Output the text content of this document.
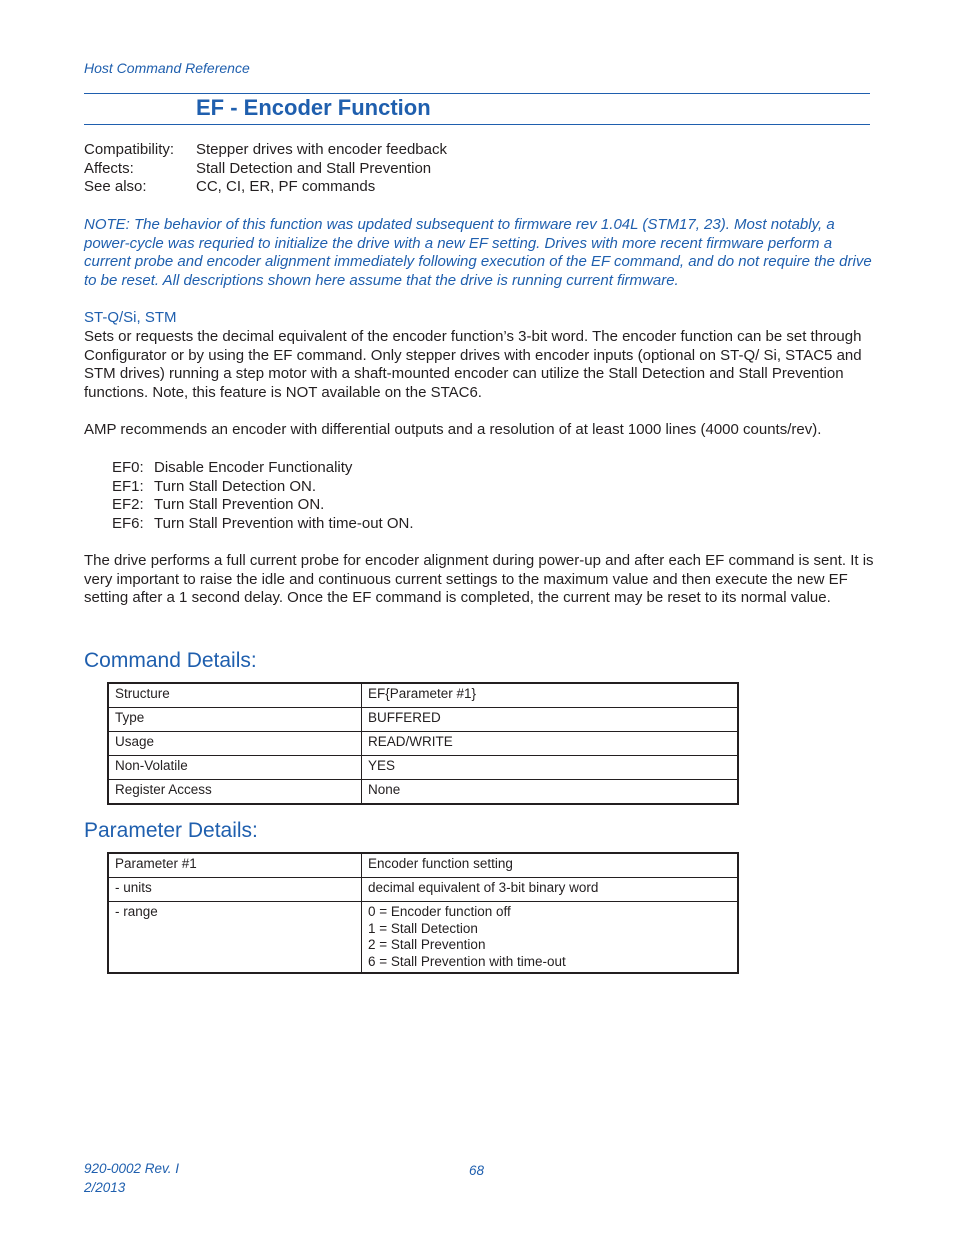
Host Command Reference
EF - Encoder Function
Compatibility:	Stepper drives with encoder feedback
Affects:	Stall Detection and Stall Prevention
See also:	CC, CI, ER, PF commands
NOTE: The behavior of this function was updated subsequent to firmware rev 1.04L (STM17, 23). Most notably, a power-cycle was requried to initialize the drive with a new EF setting. Drives with more recent firmware perform a current probe and encoder alignment immediately following execution of the EF command, and do not require the drive to be reset. All descriptions shown here assume that the drive is running current firmware.
ST-Q/Si, STM
Sets or requests the decimal equivalent of the encoder function’s 3-bit word. The encoder function can be set through Configurator or by using the EF command. Only stepper drives with encoder inputs (optional on ST-Q/ Si, STAC5 and STM drives) running a step motor with a shaft-mounted encoder can utilize the Stall Detection and Stall Prevention functions. Note, this feature is NOT available on the STAC6.
AMP recommends an encoder with differential outputs and a resolution of at least 1000 lines (4000 counts/rev).
EF0: Disable Encoder Functionality
EF1: Turn Stall Detection ON.
EF2: Turn Stall Prevention ON.
EF6: Turn Stall Prevention with time-out ON.
The drive performs a full current probe for encoder alignment during power-up and after each EF command is sent. It is very important to raise the idle and continuous current settings to the maximum value and then execute the new EF setting after a 1 second delay. Once the EF command is completed, the current may be reset to its normal value.
Command Details:
Structure	EF{Parameter #1}
Type	BUFFERED
Usage	READ/WRITE
Non-Volatile	YES
Register Access	None
Parameter Details:
Parameter #1	Encoder function setting
- units	decimal equivalent of 3-bit binary word
- range	0 = Encoder function off
1 = Stall Detection
2 = Stall Prevention
6 = Stall Prevention with time-out
920-0002 Rev. I
2/2013
68
